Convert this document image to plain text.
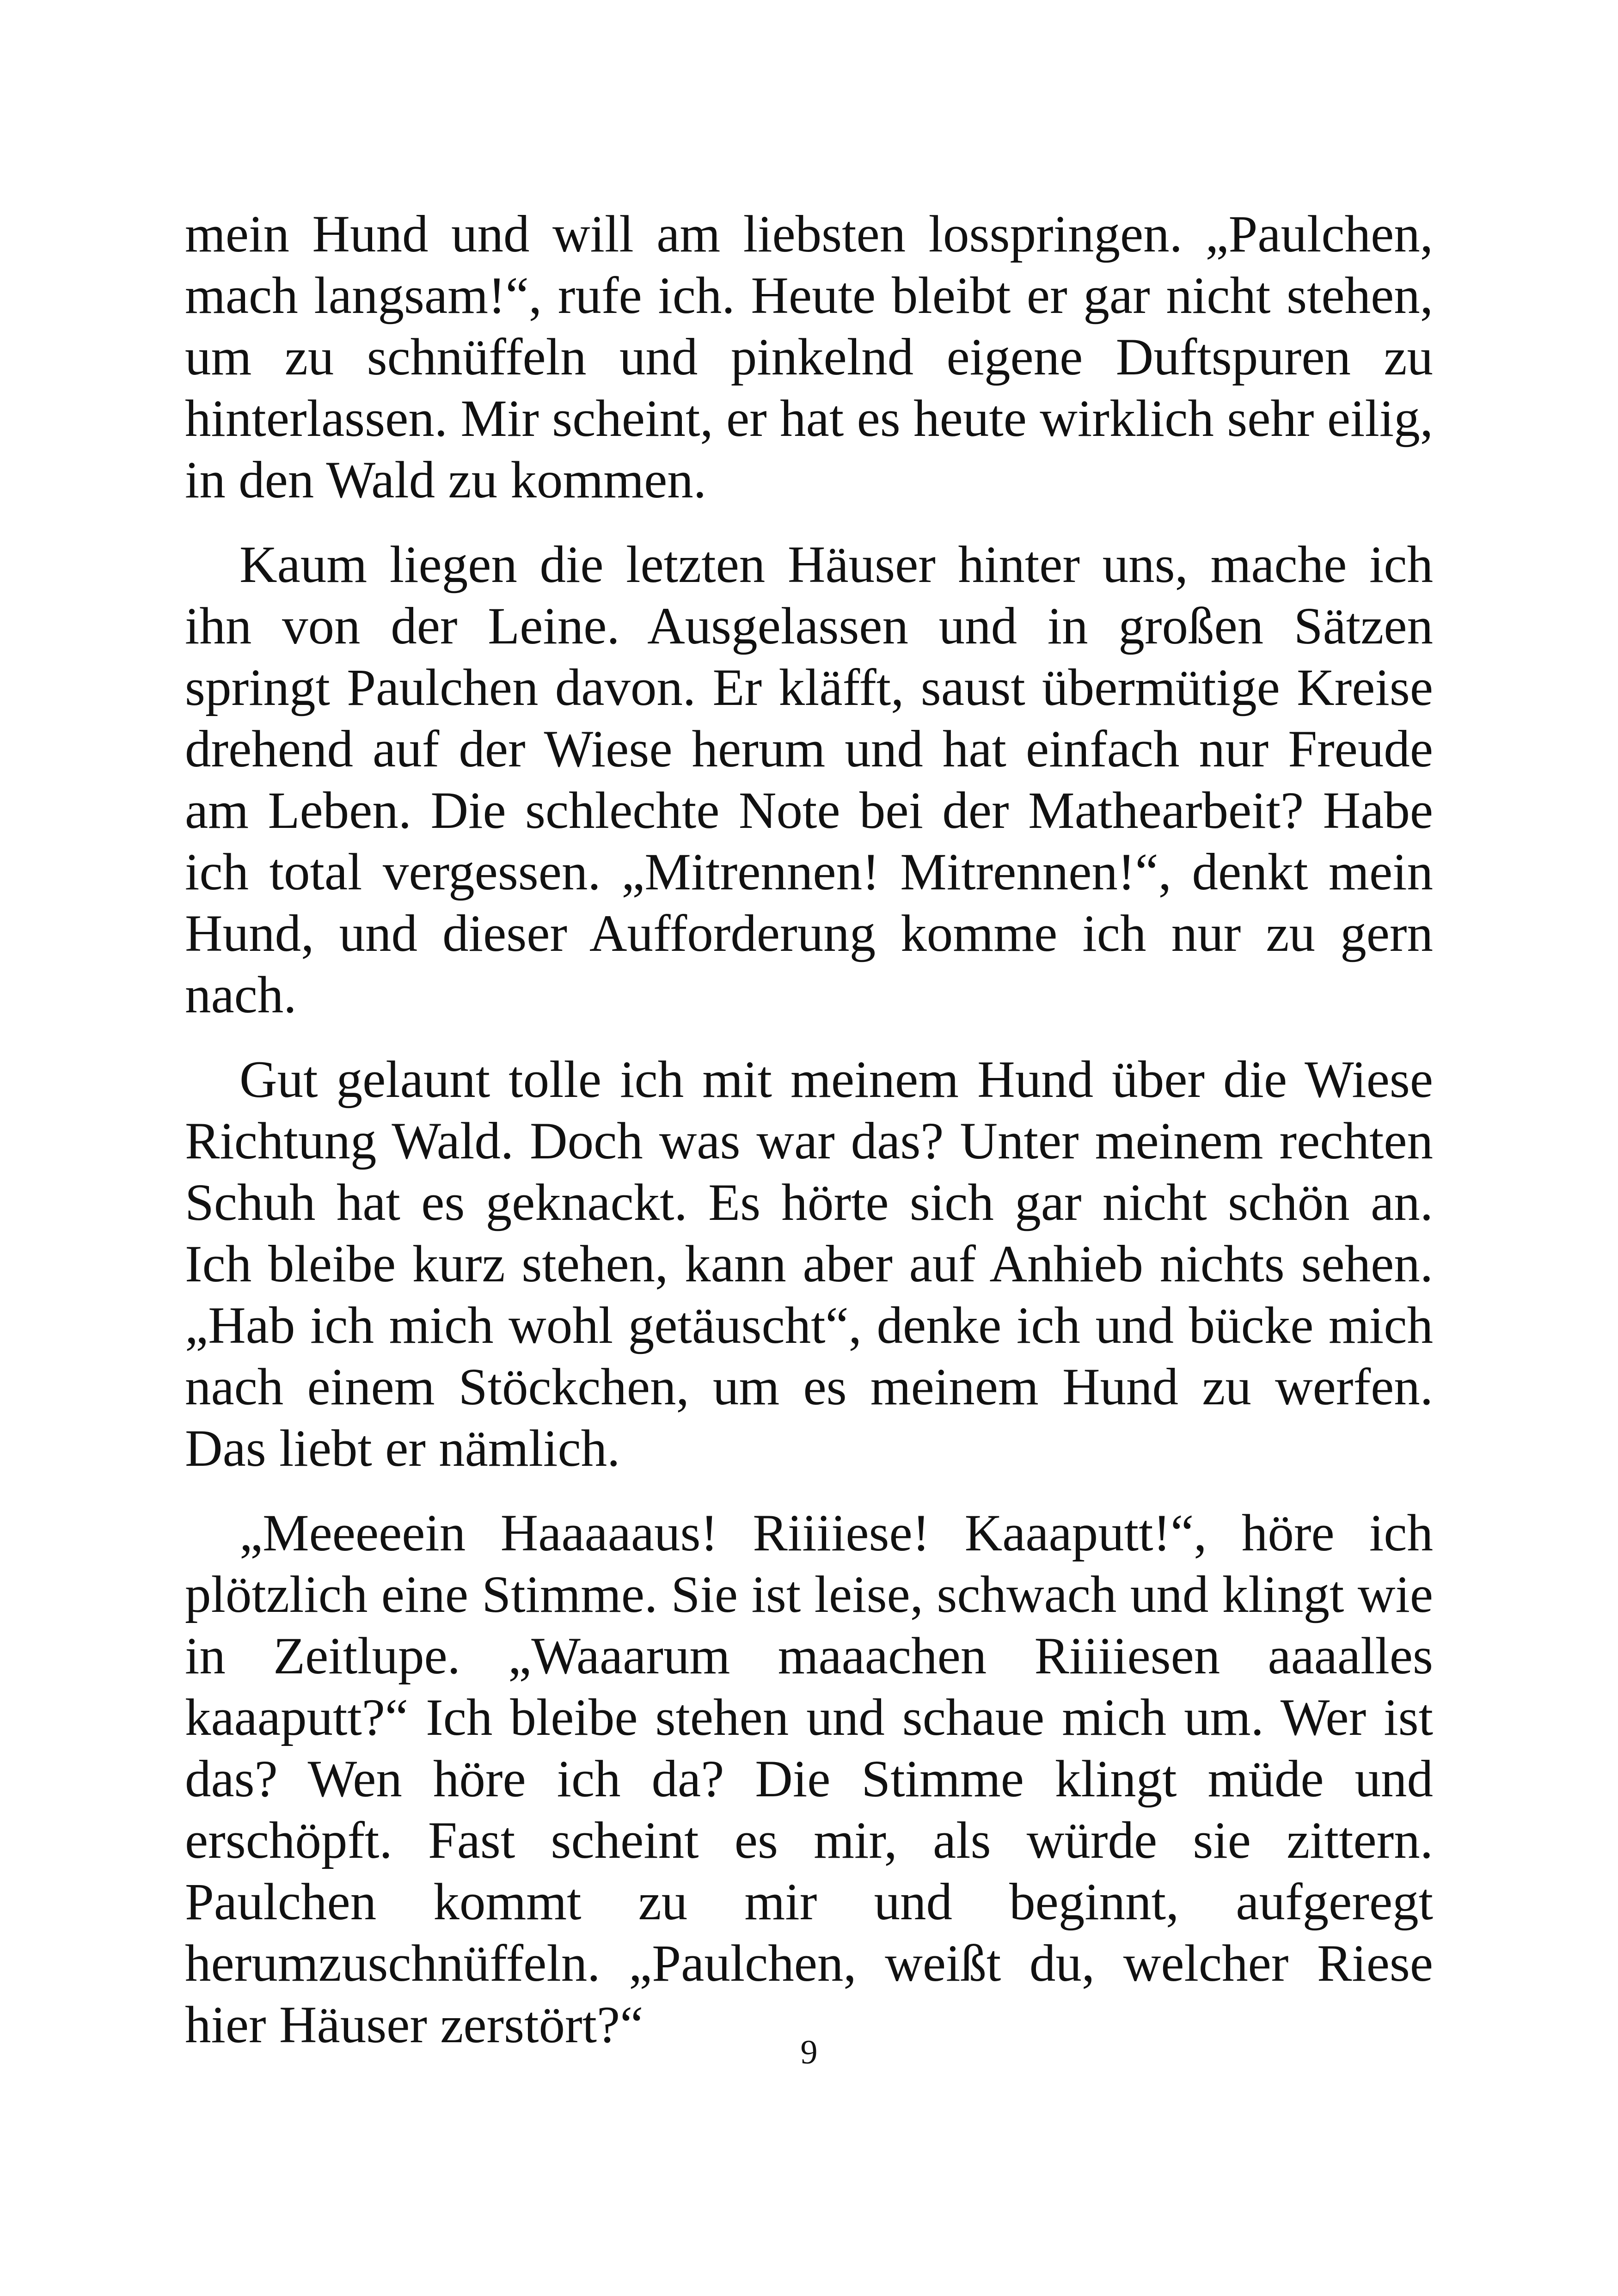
mein Hund und will am liebsten losspringen. „Paulchen, mach langsam!“, rufe ich. Heute bleibt er gar nicht stehen, um zu schnüffeln und pinkelnd eigene Duftspuren zu hinterlassen. Mir scheint, er hat es heute wirklich sehr eilig, in den Wald zu kommen.

Kaum liegen die letzten Häuser hinter uns, mache ich ihn von der Leine. Ausgelassen und in großen Sätzen springt Paulchen davon. Er kläfft, saust übermütige Kreise drehend auf der Wiese herum und hat einfach nur Freude am Leben. Die schlechte Note bei der Mathearbeit? Habe ich total vergessen. „Mitrennen! Mitrennen!“, denkt mein Hund, und dieser Aufforderung komme ich nur zu gern nach.

Gut gelaunt tolle ich mit meinem Hund über die Wiese Richtung Wald. Doch was war das? Unter meinem rechten Schuh hat es geknackt. Es hörte sich gar nicht schön an. Ich bleibe kurz stehen, kann aber auf Anhieb nichts sehen. „Hab ich mich wohl getäuscht“, denke ich und bücke mich nach einem Stöckchen, um es meinem Hund zu werfen. Das liebt er nämlich.

„Meeeeein Haaaaaus! Riiiiese! Kaaaputt!“, höre ich plötzlich eine Stimme. Sie ist leise, schwach und klingt wie in Zeitlupe. „Waaarum maaachen Riiiiesen aaaalles kaaaputt?“ Ich bleibe stehen und schaue mich um. Wer ist das? Wen höre ich da? Die Stimme klingt müde und erschöpft. Fast scheint es mir, als würde sie zittern. Paulchen kommt zu mir und beginnt, aufgeregt herumzuschnüffeln. „Paulchen, weißt du, welcher Riese hier Häuser zerstört?“	9
